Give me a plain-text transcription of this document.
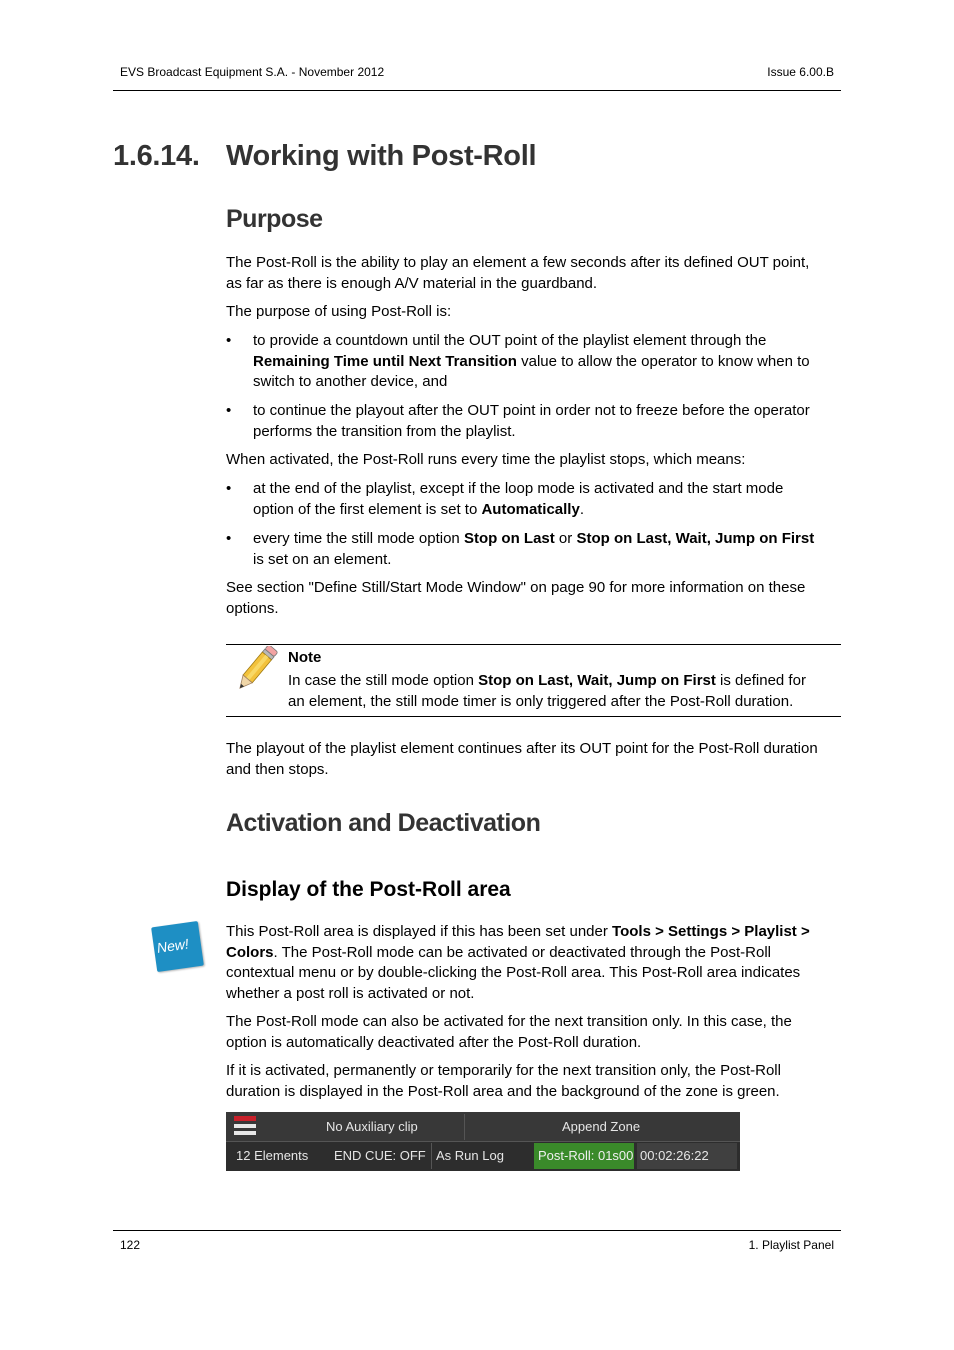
EVS Broadcast Equipment S.A. - November 2012	Issue 6.00.B
1.6.14. Working with Post-Roll
Purpose
The Post-Roll is the ability to play an element a few seconds after its defined OUT point,
as far as there is enough A/V material in the guardband.
The purpose of using Post-Roll is:
• to provide a countdown until the OUT point of the playlist element through the
Remaining Time until Next Transition value to allow the operator to know when to
switch to another device, and
• to continue the playout after the OUT point in order not to freeze before the operator
performs the transition from the playlist.
When activated, the Post-Roll runs every time the playlist stops, which means:
• at the end of the playlist, except if the loop mode is activated and the start mode
option of the first element is set to Automatically.
• every time the still mode option Stop on Last or Stop on Last, Wait, Jump on First
is set on an element.
See section "Define Still/Start Mode Window" on page 90 for more information on these
options.
Note
In case the still mode option Stop on Last, Wait, Jump on First is defined for
an element, the still mode timer is only triggered after the Post-Roll duration.
The playout of the playlist element continues after its OUT point for the Post-Roll duration
and then stops.
Activation and Deactivation
Display of the Post-Roll area
New!
This Post-Roll area is displayed if this has been set under Tools > Settings > Playlist >
Colors. The Post-Roll mode can be activated or deactivated through the Post-Roll
contextual menu or by double-clicking the Post-Roll area. This Post-Roll area indicates
whether a post roll is activated or not.
The Post-Roll mode can also be activated for the next transition only. In this case, the
option is automatically deactivated after the Post-Roll duration.
If it is activated, permanently or temporarily for the next transition only, the Post-Roll
duration is displayed in the Post-Roll area and the background of the zone is green.
No Auxiliary clip	Append Zone
12 Elements END CUE: OFF As Run Log	Post-Roll: 01s00 00:02:26:22
122	1. Playlist Panel
